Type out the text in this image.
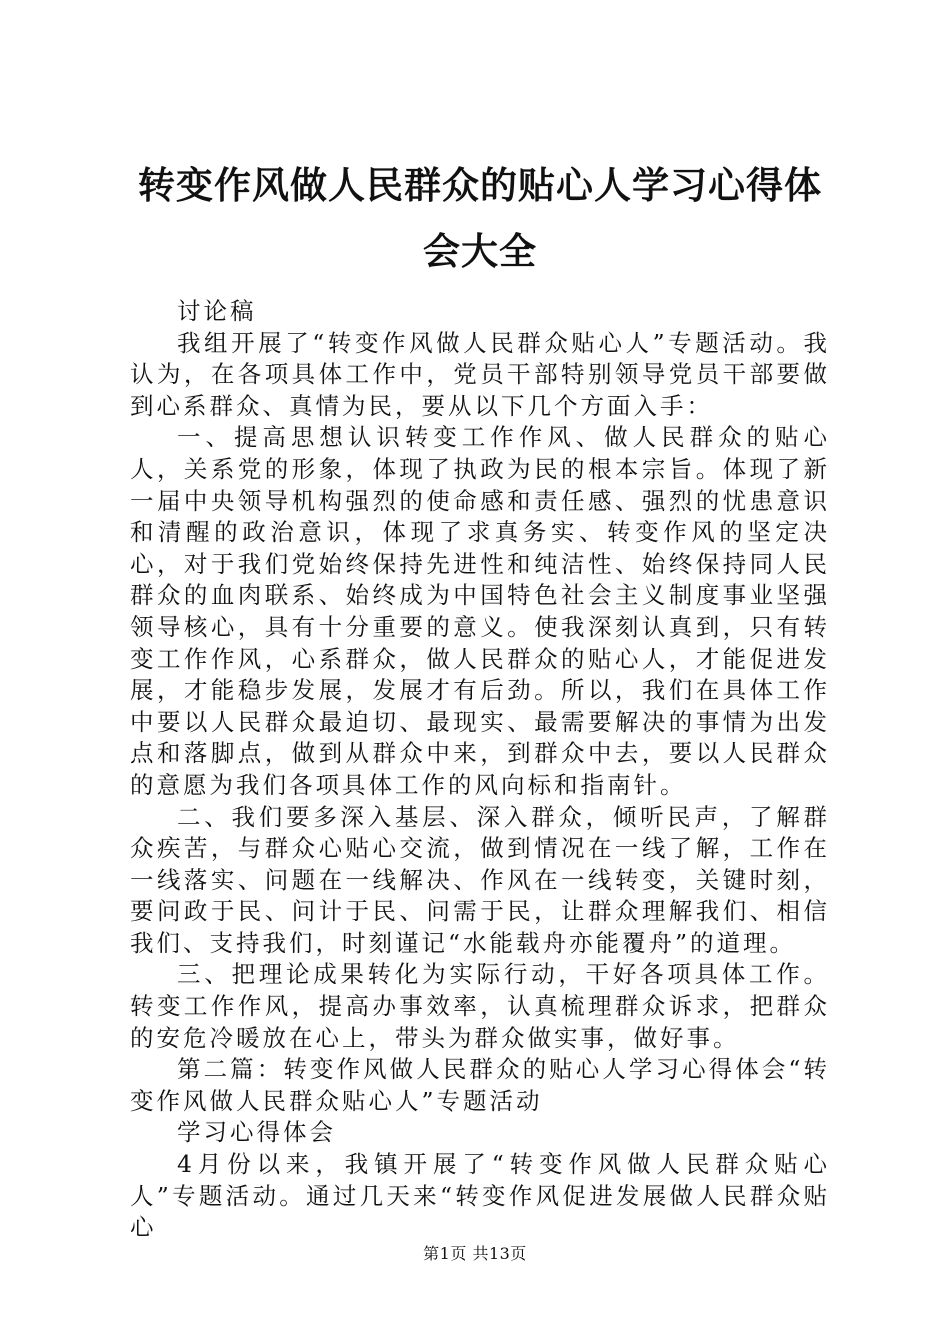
转变作风做人民群众的贴心人学习心得体会大全

讨论稿

我组开展了“转变作风做人民群众贴心人”专题活动。我认为，在各项具体工作中，党员干部特别领导党员干部要做到心系群众、真情为民，要从以下几个方面入手：

一、提高思想认识转变工作作风、做人民群众的贴心人，关系党的形象，体现了执政为民的根本宗旨。体现了新一届中央领导机构强烈的使命感和责任感、强烈的忧患意识和清醒的政治意识，体现了求真务实、转变作风的坚定决心，对于我们党始终保持先进性和纯洁性、始终保持同人民群众的血肉联系、始终成为中国特色社会主义制度事业坚强领导核心，具有十分重要的意义。使我深刻认真到，只有转变工作作风，心系群众，做人民群众的贴心人，才能促进发展，才能稳步发展，发展才有后劲。所以，我们在具体工作中要以人民群众最迫切、最现实、最需要解决的事情为出发点和落脚点，做到从群众中来，到群众中去，要以人民群众的意愿为我们各项具体工作的风向标和指南针。

二、我们要多深入基层、深入群众，倾听民声，了解群众疾苦，与群众心贴心交流，做到情况在一线了解，工作在一线落实、问题在一线解决、作风在一线转变，关键时刻，要问政于民、问计于民、问需于民，让群众理解我们、相信我们、支持我们，时刻谨记“水能载舟亦能覆舟”的道理。

三、把理论成果转化为实际行动，干好各项具体工作。转变工作作风，提高办事效率，认真梳理群众诉求，把群众的安危冷暖放在心上，带头为群众做实事，做好事。

第二篇：转变作风做人民群众的贴心人学习心得体会“转变作风做人民群众贴心人”专题活动

学习心得体会

4月份以来，我镇开展了“转变作风做人民群众贴心人”专题活动。通过几天来“转变作风促进发展做人民群众贴心

第1页 共13页
